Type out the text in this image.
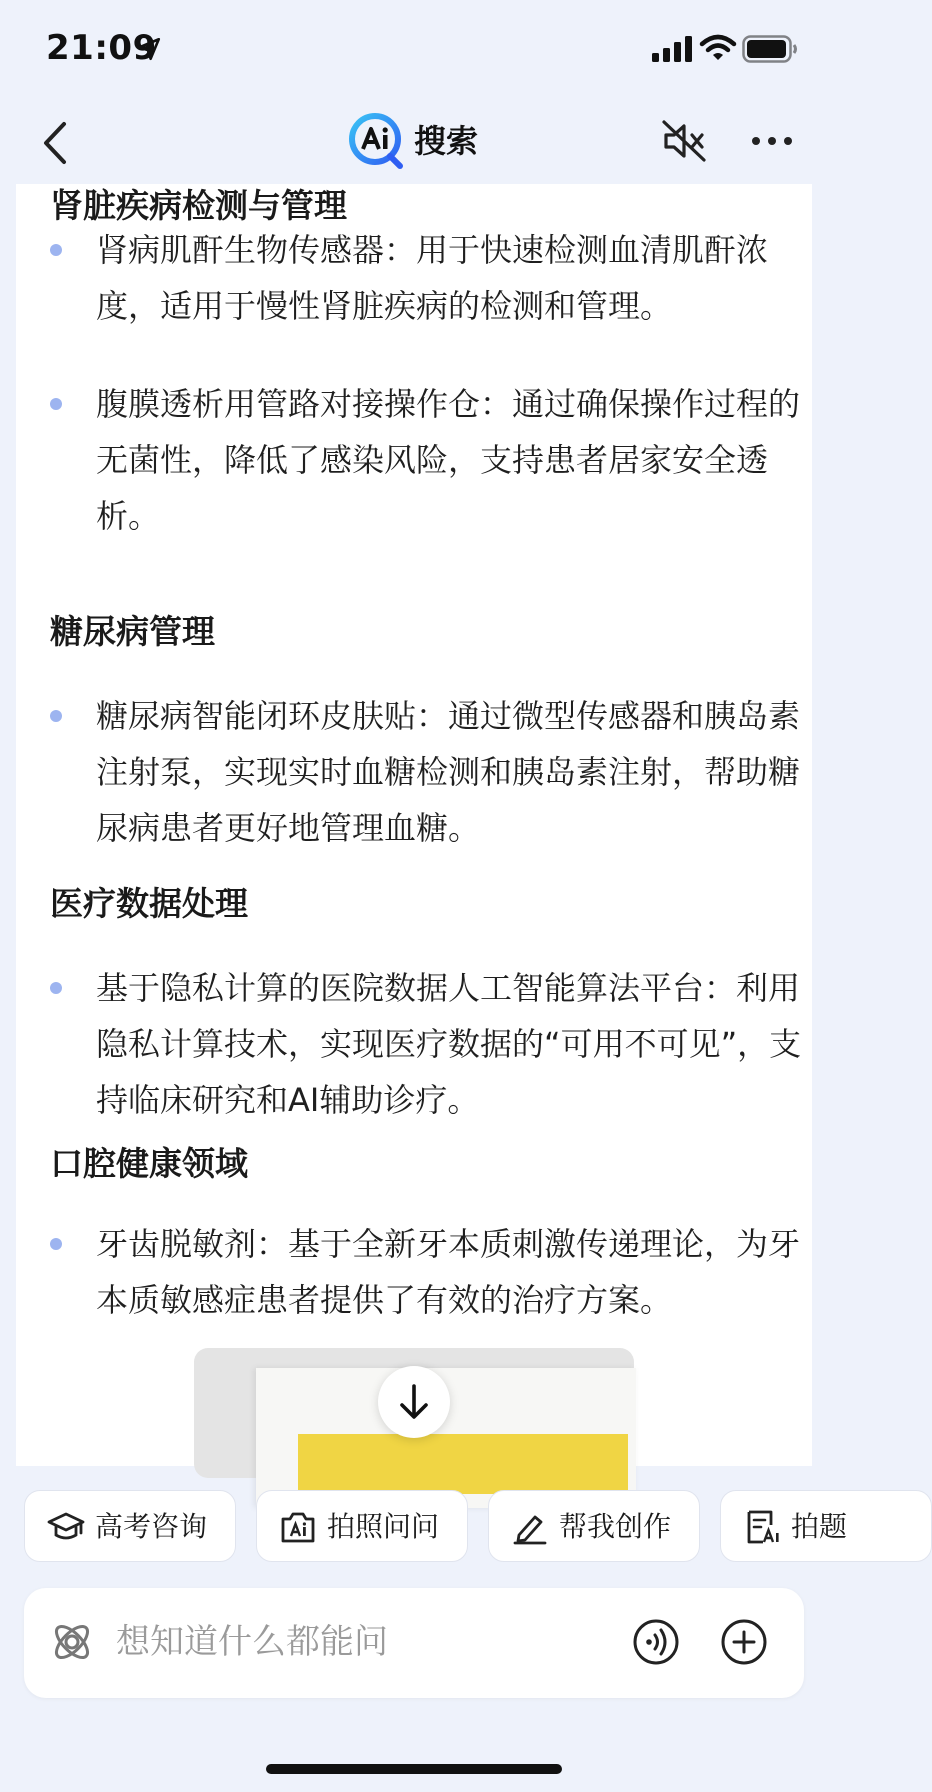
21:09
搜索
肾脏疾病检测与管理
肾病肌酐生物传感器：用于快速检测血清肌酐浓度，适用于慢性肾脏疾病的检测和管理。
腹膜透析用管路对接操作仓：通过确保操作过程的无菌性，降低了感染风险，支持患者居家安全透析。
糖尿病管理
糖尿病智能闭环皮肤贴：通过微型传感器和胰岛素注射泵，实现实时血糖检测和胰岛素注射，帮助糖尿病患者更好地管理血糖。
医疗数据处理
基于隐私计算的医院数据人工智能算法平台：利用隐私计算技术，实现医疗数据的“可用不可见”，支持临床研究和AI辅助诊疗。
口腔健康领域
牙齿脱敏剂：基于全新牙本质刺激传递理论，为牙本质敏感症患者提供了有效的治疗方案。
高考咨询	拍照问问	帮我创作	拍题
想知道什么都能问
